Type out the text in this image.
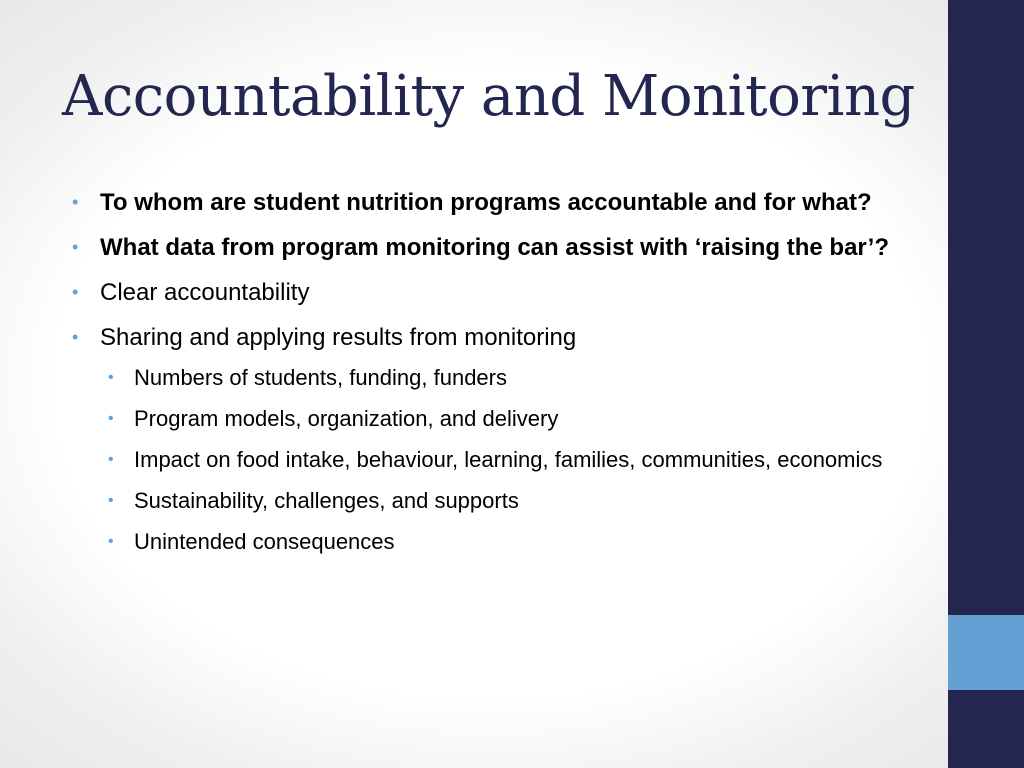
Accountability and Monitoring
• To whom are student nutrition programs accountable and for what?
• What data from program monitoring can assist with ‘raising the bar’?
• Clear accountability
• Sharing and applying results from monitoring
• Numbers of students, funding, funders
• Program models, organization, and delivery
• Impact on food intake, behaviour, learning, families, communities, economics
• Sustainability, challenges, and supports
• Unintended consequences
